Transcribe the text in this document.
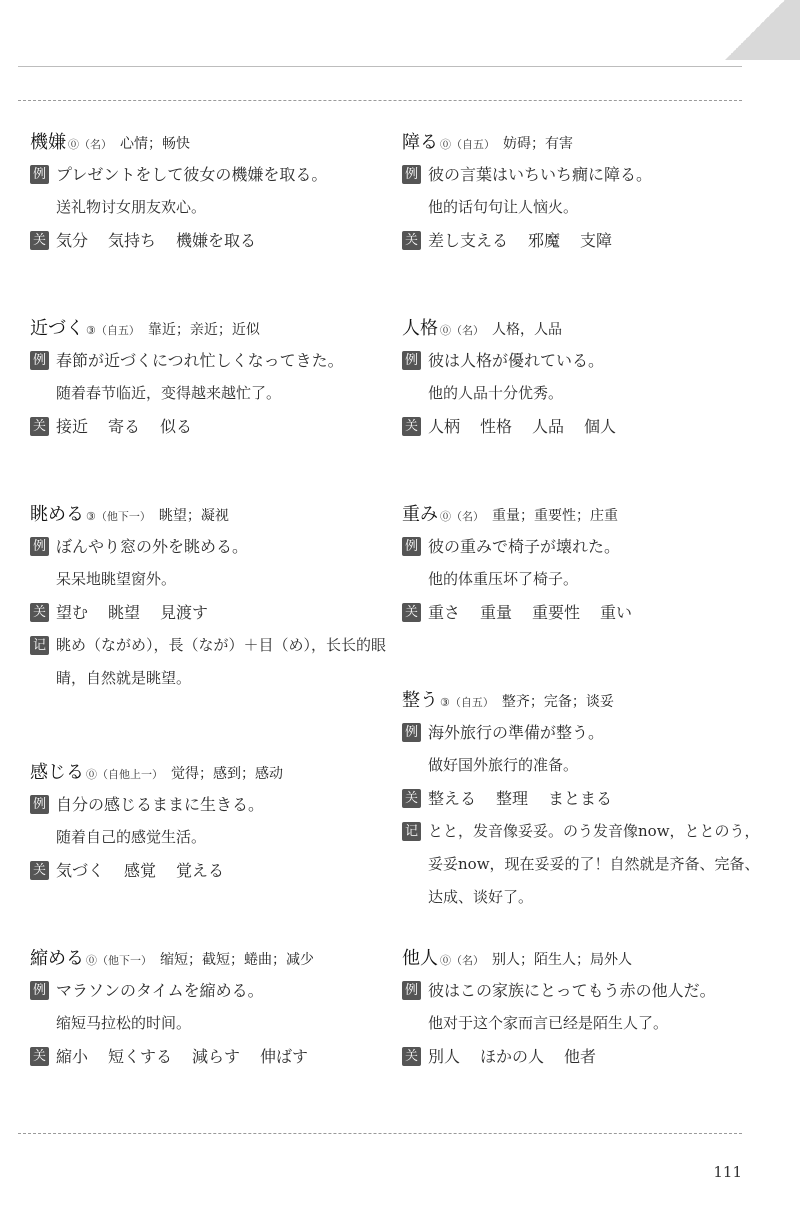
機嫌 ⓪（名） 心情；畅快
例 プレゼントをして彼女の機嫌を取る。
送礼物讨女朋友欢心。
关 気分 気持ち 機嫌を取る
近づく ③（自五） 靠近；亲近；近似
例 春節が近づくにつれ忙しくなってきた。
随着春节临近，变得越来越忙了。
关 接近 寄る 似る
眺める ③（他下一） 眺望；凝视
例 ぼんやり窓の外を眺める。
呆呆地眺望窗外。
关 望む 眺望 見渡す
记 眺め（ながめ），長（なが）＋目（め），长长的眼睛，自然就是眺望。
感じる ⓪（自他上一） 觉得；感到；感动
例 自分の感じるままに生きる。
随着自己的感觉生活。
关 気づく 感覚 覚える
縮める ⓪（他下一） 缩短；截短；蜷曲；减少
例 マラソンのタイムを縮める。
缩短马拉松的时间。
关 縮小 短くする 減らす 伸ばす
障る ⓪（自五） 妨碍；有害
例 彼の言葉はいちいち癇に障る。
他的话句句让人恼火。
关 差し支える 邪魔 支障
人格 ⓪（名） 人格，人品
例 彼は人格が優れている。
他的人品十分优秀。
关 人柄 性格 人品 個人
重み ⓪（名） 重量；重要性；庄重
例 彼の重みで椅子が壊れた。
他的体重压坏了椅子。
关 重さ 重量 重要性 重い
整う ③（自五） 整齐；完备；谈妥
例 海外旅行の準備が整う。
做好国外旅行的准备。
关 整える 整理 まとまる
记 とと，发音像妥妥。のう发音像now，ととのう，妥妥now，现在妥妥的了！自然就是齐备、完备、达成、谈好了。
他人 ⓪（名） 别人；陌生人；局外人
例 彼はこの家族にとってもう赤の他人だ。
他对于这个家而言已经是陌生人了。
关 別人 ほかの人 他者
111
